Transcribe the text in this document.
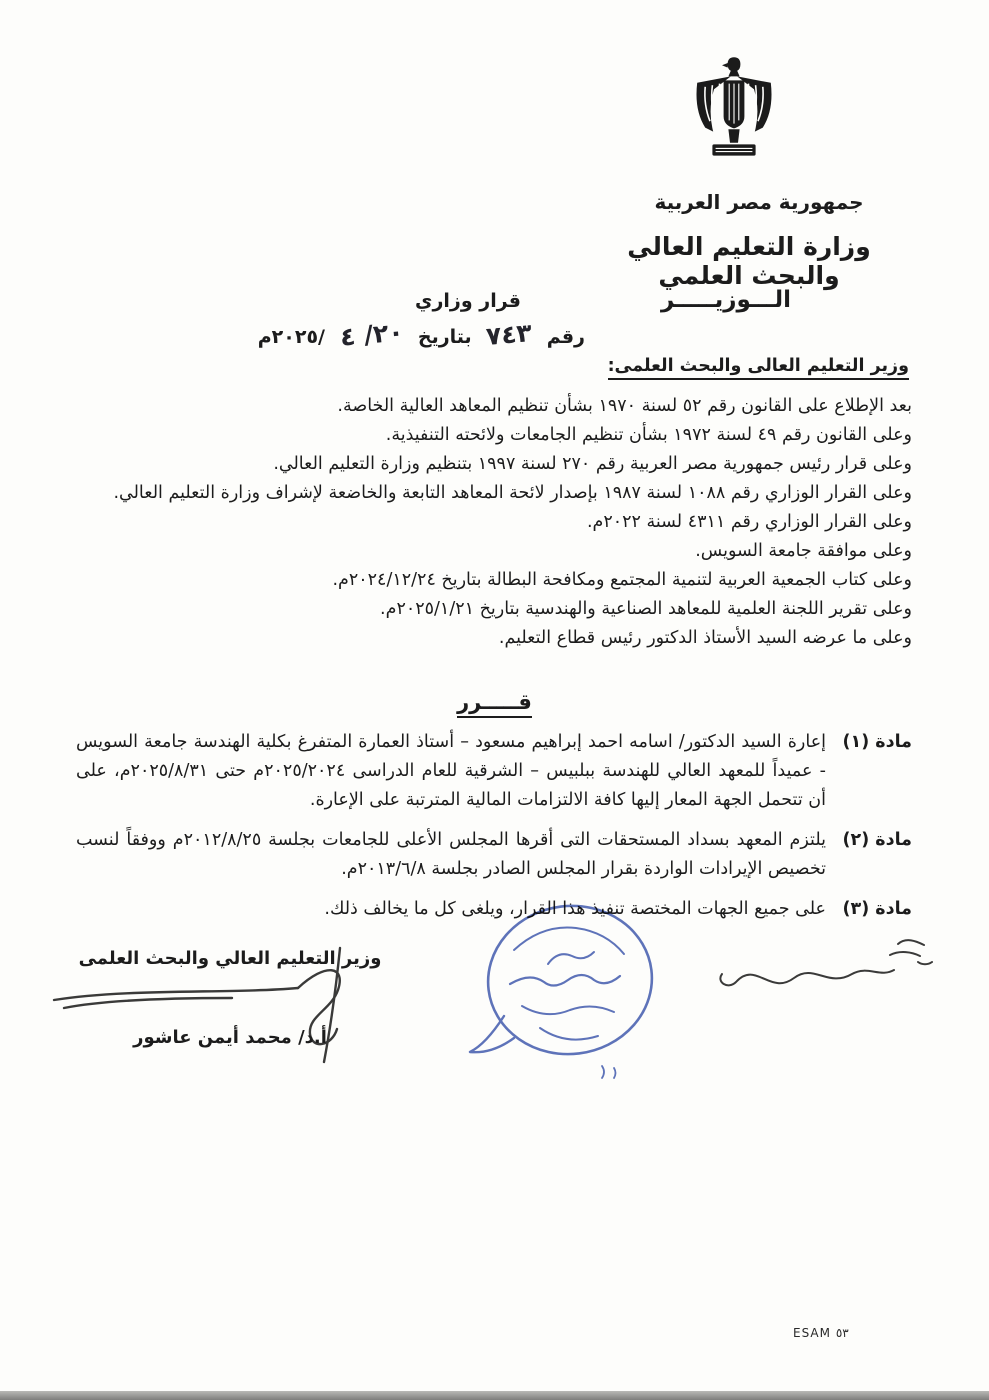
جمهورية مصر العربية
وزارة التعليم العالي والبحث العلمي
الـــوزيـــــر
قرار وزاري
رقم ٧٤٣ بتاريخ ٢٠/ ٤ /٢٠٢٥م
وزير التعليم العالى والبحث العلمى:

بعد الإطلاع على القانون رقم ٥٢ لسنة ١٩٧٠ بشأن تنظيم المعاهد العالية الخاصة.

وعلى القانون رقم ٤٩ لسنة ١٩٧٢ بشأن تنظيم الجامعات ولائحته التنفيذية.

وعلى قرار رئيس جمهورية مصر العربية رقم ٢٧٠ لسنة ١٩٩٧ بتنظيم وزارة التعليم العالي.

وعلى القرار الوزاري رقم ١٠٨٨ لسنة ١٩٨٧ بإصدار لائحة المعاهد التابعة والخاضعة لإشراف وزارة التعليم العالي.

وعلى القرار الوزاري رقم ٤٣١١ لسنة ٢٠٢٢م.

وعلى موافقة جامعة السويس.

وعلى كتاب الجمعية العربية لتنمية المجتمع ومكافحة البطالة بتاريخ ٢٠٢٤/١٢/٢٤م.

وعلى تقرير اللجنة العلمية للمعاهد الصناعية والهندسية بتاريخ ٢٠٢٥/١/٢١م.

وعلى ما عرضه السيد الأستاذ الدكتور رئيس قطاع التعليم.

قـــــرر
مادة (١)

إعارة السيد الدكتور/ اسامه احمد إبراهيم مسعود – أستاذ العمارة المتفرغ بكلية الهندسة جامعة السويس - عميداً للمعهد العالي للهندسة ببلبيس – الشرقية للعام الدراسى ٢٠٢٥/٢٠٢٤م حتى ٢٠٢٥/٨/٣١م، على أن تتحمل الجهة المعار إليها كافة الالتزامات المالية المترتبة على الإعارة.

مادة (٢)

يلتزم المعهد بسداد المستحقات التى أقرها المجلس الأعلى للجامعات بجلسة ٢٠١٢/٨/٢٥م ووفقاً لنسب تخصيص الإيرادات الواردة بقرار المجلس الصادر بجلسة ٢٠١٣/٦/٨م.

مادة (٣)

على جميع الجهات المختصة تنفيذ هذا القرار، ويلغى كل ما يخالف ذلك.

وزير التعليم العالي والبحث العلمى
أ.د/ محمد أيمن عاشور
ESAM ٥٣
